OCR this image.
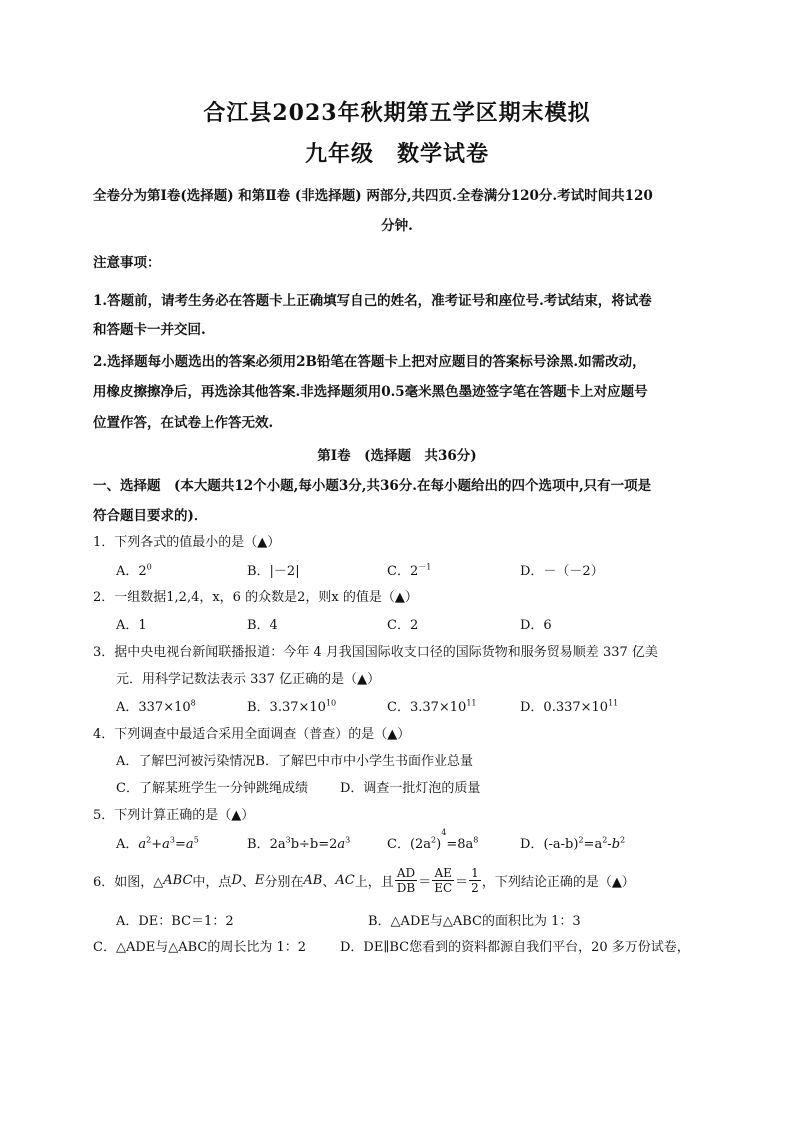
合江县2023年秋期第五学区期末模拟
九年级　数学试卷
全卷分为第Ⅰ卷(选择题) 和第Ⅱ卷 (非选择题) 两部分,共四页.全卷满分120分.考试时间共120
分钟.
注意事项：
1.答题前，请考生务必在答题卡上正确填写自己的姓名，准考证号和座位号.考试结束，将试卷
和答题卡一并交回.
2.选择题每小题选出的答案必须用2B铅笔在答题卡上把对应题目的答案标号涂黑.如需改动，
用橡皮擦擦净后，再选涂其他答案.非选择题须用0.5毫米黑色墨迹签字笔在答题卡上对应题号
位置作答，在试卷上作答无效.
第Ⅰ卷　(选择题　共36分)
一、选择题　(本大题共12个小题,每小题3分,共36分.在每小题给出的四个选项中,只有一项是
符合题目要求的)．
1．下列各式的值最小的是（▲）
A．$2^0$	B．|－2|	C．$2^{-1}$	D．－（－2）
2．一组数据1,2,4，x，6 的众数是2，则x 的值是（▲）
A．1	B．4	C．2	D．6
3．据中央电视台新闻联播报道：今年 4 月我国国际收支口径的国际货物和服务贸易顺差 337 亿美
元．用科学记数法表示 337 亿正确的是（▲）
A．$337\times 10^8$	B．$3.37\times 10^{10}$	C．$3.37\times 10^{11}$	D．$0.337\times 10^{11}$
4．下列调查中最适合采用全面调查（普查）的是（▲）
A．了解巴河被污染情况B．了解巴中市中小学生书面作业总量
C．了解某班学生一分钟跳绳成绩 D．调查一批灯泡的质量
5．下列计算正确的是（▲）
A．$a^2+a^3=a^5$	B．$2a^3b\div b=2a^3$	C．$(2a^2)^4=8a^8$	D．$(-a-b)^2=a^2-b^2$
6．如图，△ ABC 中，点 D 、 E 分别在 AB 、 AC 上，且 $\frac{AD}{DB} = \frac{AE}{EC} = \frac{1}{2}$ ，下列结论正确的是（▲）
A．DE：BC＝1：2	B．△ADE与△ABC的面积比为 1：3
C．△ADE与△ABC的周长比为 1：2	D．DE∥BC您看到的资料都源自我们平台，20 多万份试卷，
